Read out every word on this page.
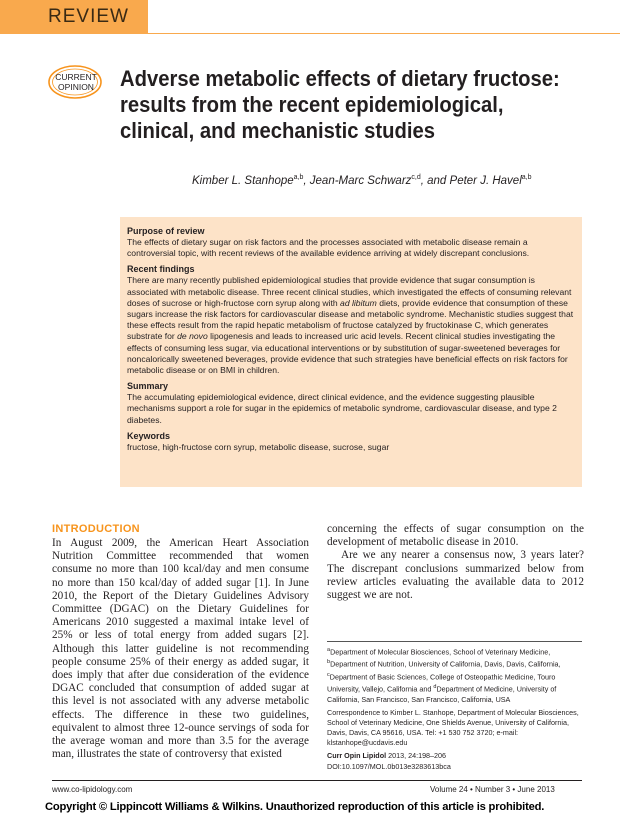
REVIEW
CURRENT
OPINION Adverse metabolic effects of dietary fructose: results from the recent epidemiological, clinical, and mechanistic studies
Kimber L. Stanhope$^{a,b}$, Jean-Marc Schwarz$^{c,d}$, and Peter J. Havel$^{a,b}$
Purpose of review

The effects of dietary sugar on risk factors and the processes associated with metabolic disease remain a controversial topic, with recent reviews of the available evidence arriving at widely discrepant conclusions.

Recent findings

There are many recently published epidemiological studies that provide evidence that sugar consumption is associated with metabolic disease. Three recent clinical studies, which investigated the effects of consuming relevant doses of sucrose or high-fructose corn syrup along with ad libitum diets, provide evidence that consumption of these sugars increase the risk factors for cardiovascular disease and metabolic syndrome. Mechanistic studies suggest that these effects result from the rapid hepatic metabolism of fructose catalyzed by fructokinase C, which generates substrate for de novo lipogenesis and leads to increased uric acid levels. Recent clinical studies investigating the effects of consuming less sugar, via educational interventions or by substitution of sugar-sweetened beverages for noncalorically sweetened beverages, provide evidence that such strategies have beneficial effects on risk factors for metabolic disease or on BMI in children.

Summary

The accumulating epidemiological evidence, direct clinical evidence, and the evidence suggesting plausible mechanisms support a role for sugar in the epidemics of metabolic syndrome, cardiovascular disease, and type 2 diabetes.

Keywords

fructose, high-fructose corn syrup, metabolic disease, sucrose, sugar

INTRODUCTION

In August 2009, the American Heart Association Nutrition Committee recommended that women consume no more than 100 kcal/day and men consume no more than 150 kcal/day of added sugar [1]. In June 2010, the Report of the Dietary Guidelines Advisory Committee (DGAC) on the Dietary Guidelines for Americans 2010 suggested a maximal intake level of 25% or less of total energy from added sugars [2]. Although this latter guideline is not recommending people consume 25% of their energy as added sugar, it does imply that after due consideration of the evidence DGAC concluded that consumption of added sugar at this level is not associated with any adverse metabolic effects. The difference in these two guidelines, equivalent to almost three 12-ounce servings of soda for the average woman and more than 3.5 for the average man, illustrates the state of controversy that existed

concerning the effects of sugar consumption on the development of metabolic disease in 2010.

Are we any nearer a consensus now, 3 years later? The discrepant conclusions summarized below from review articles evaluating the available data to 2012 suggest we are not.

$^a$Department of Molecular Biosciences, School of Veterinary Medicine, $^b$Department of Nutrition, University of California, Davis, Davis, California, $^c$Department of Basic Sciences, College of Osteopathic Medicine, Touro University, Vallejo, California and $^d$Department of Medicine, University of California, San Francisco, San Francisco, California, USA

Correspondence to Kimber L. Stanhope, Department of Molecular Biosciences, School of Veterinary Medicine, One Shields Avenue, University of California, Davis, Davis, CA 95616, USA. Tel: +1 530 752 3720; e-mail: klstanhope@ucdavis.edu

Curr Opin Lipidol 2013, 24:198–206

DOI:10.1097/MOL.0b013e3283613bca

www.co-lipidology.com	Volume 24 • Number 3 • June 2013
Copyright © Lippincott Williams & Wilkins. Unauthorized reproduction of this article is prohibited.
